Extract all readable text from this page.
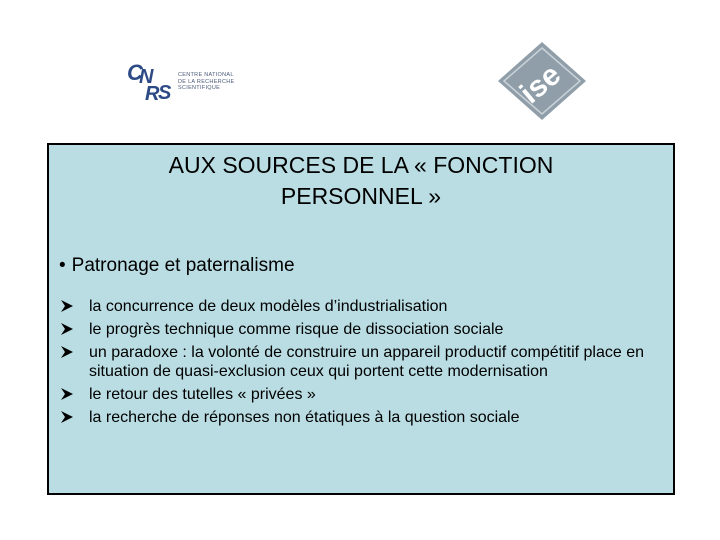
C
N
R
S
CENTRE NATIONAL
DE LA RECHERCHE
SCIENTIFIQUE	ise
AUX SOURCES DE LA « FONCTION
PERSONNEL »
• Patronage et paternalisme
la concurrence de deux modèles d’industrialisation
le progrès technique comme risque de dissociation sociale
un paradoxe : la volonté de construire un appareil productif compétitif place en situation de quasi-exclusion ceux qui portent cette modernisation
le retour des tutelles « privées »
la recherche de réponses non étatiques à la question sociale
